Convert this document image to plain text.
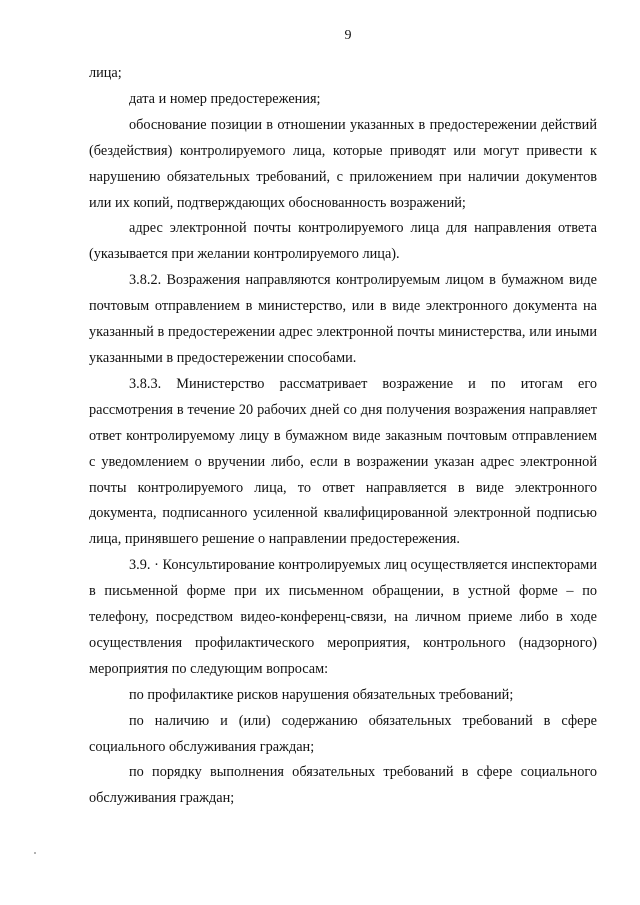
9

лица;

дата и номер предостережения;

обоснование позиции в отношении указанных в предостережении действий (бездействия) контролируемого лица, которые приводят или могут привести к нарушению обязательных требований, с приложением при наличии документов или их копий, подтверждающих обоснованность возражений;

адрес электронной почты контролируемого лица для направления ответа (указывается при желании контролируемого лица).

3.8.2. Возражения направляются контролируемым лицом в бумажном виде почтовым отправлением в министерство, или в виде электронного документа на указанный в предостережении адрес электронной почты министерства, или иными указанными в предостережении способами.

3.8.3. Министерство рассматривает возражение и по итогам его рассмотрения в течение 20 рабочих дней со дня получения возражения направляет ответ контролируемому лицу в бумажном виде заказным почтовым отправлением с уведомлением о вручении либо, если в возражении указан адрес электронной почты контролируемого лица, то ответ направляется в виде электронного документа, подписанного усиленной квалифицированной электронной подписью лица, принявшего решение о направлении предостережения.

3.9. · Консультирование контролируемых лиц осуществляется инспекторами в письменной форме при их письменном обращении, в устной форме – по телефону, посредством видео-конференц-связи, на личном приеме либо в ходе осуществления профилактического мероприятия, контрольного (надзорного) мероприятия по следующим вопросам:

по профилактике рисков нарушения обязательных требований;

по наличию и (или) содержанию обязательных требований в сфере социального обслуживания граждан;

по порядку выполнения обязательных требований в сфере социального обслуживания граждан;
